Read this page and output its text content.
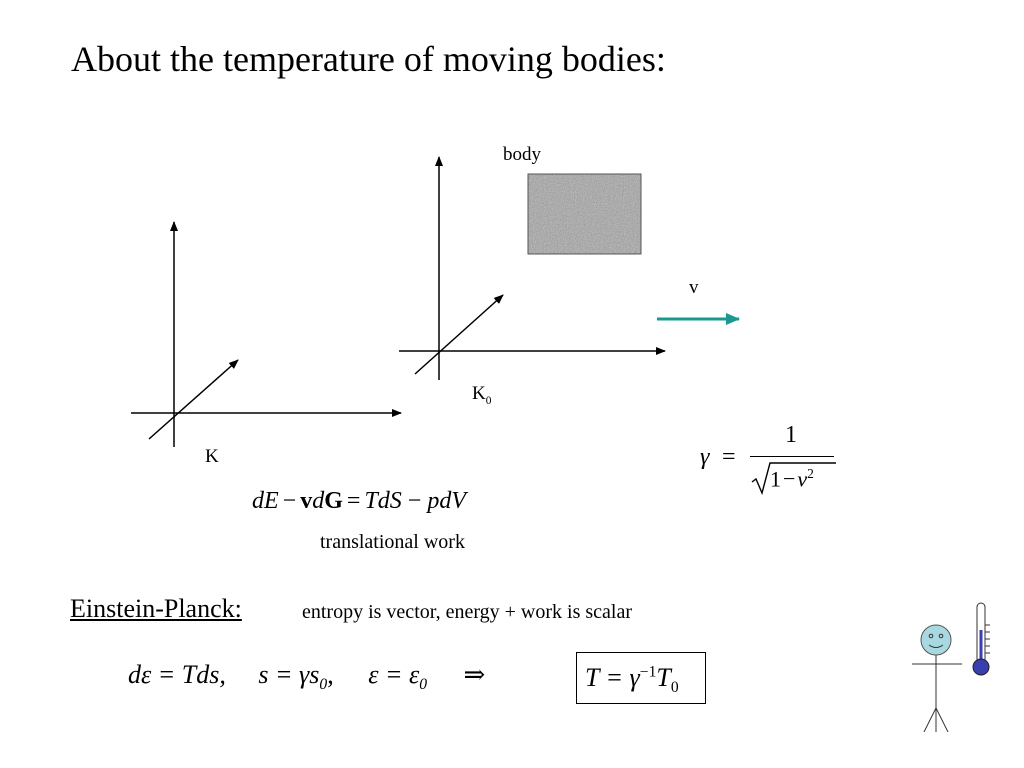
About the temperature of moving bodies:
K
$K_0$
body
v
dE − vdG = TdS − pdV
translational work
γ =
1
$1-v^2$
Einstein-Planck:	entropy is vector, energy + work is scalar
dε = Tds, $s = \gamma s_0$, $\varepsilon = \varepsilon_0$ ⇒	$T = \gamma^{-1}T_0$
